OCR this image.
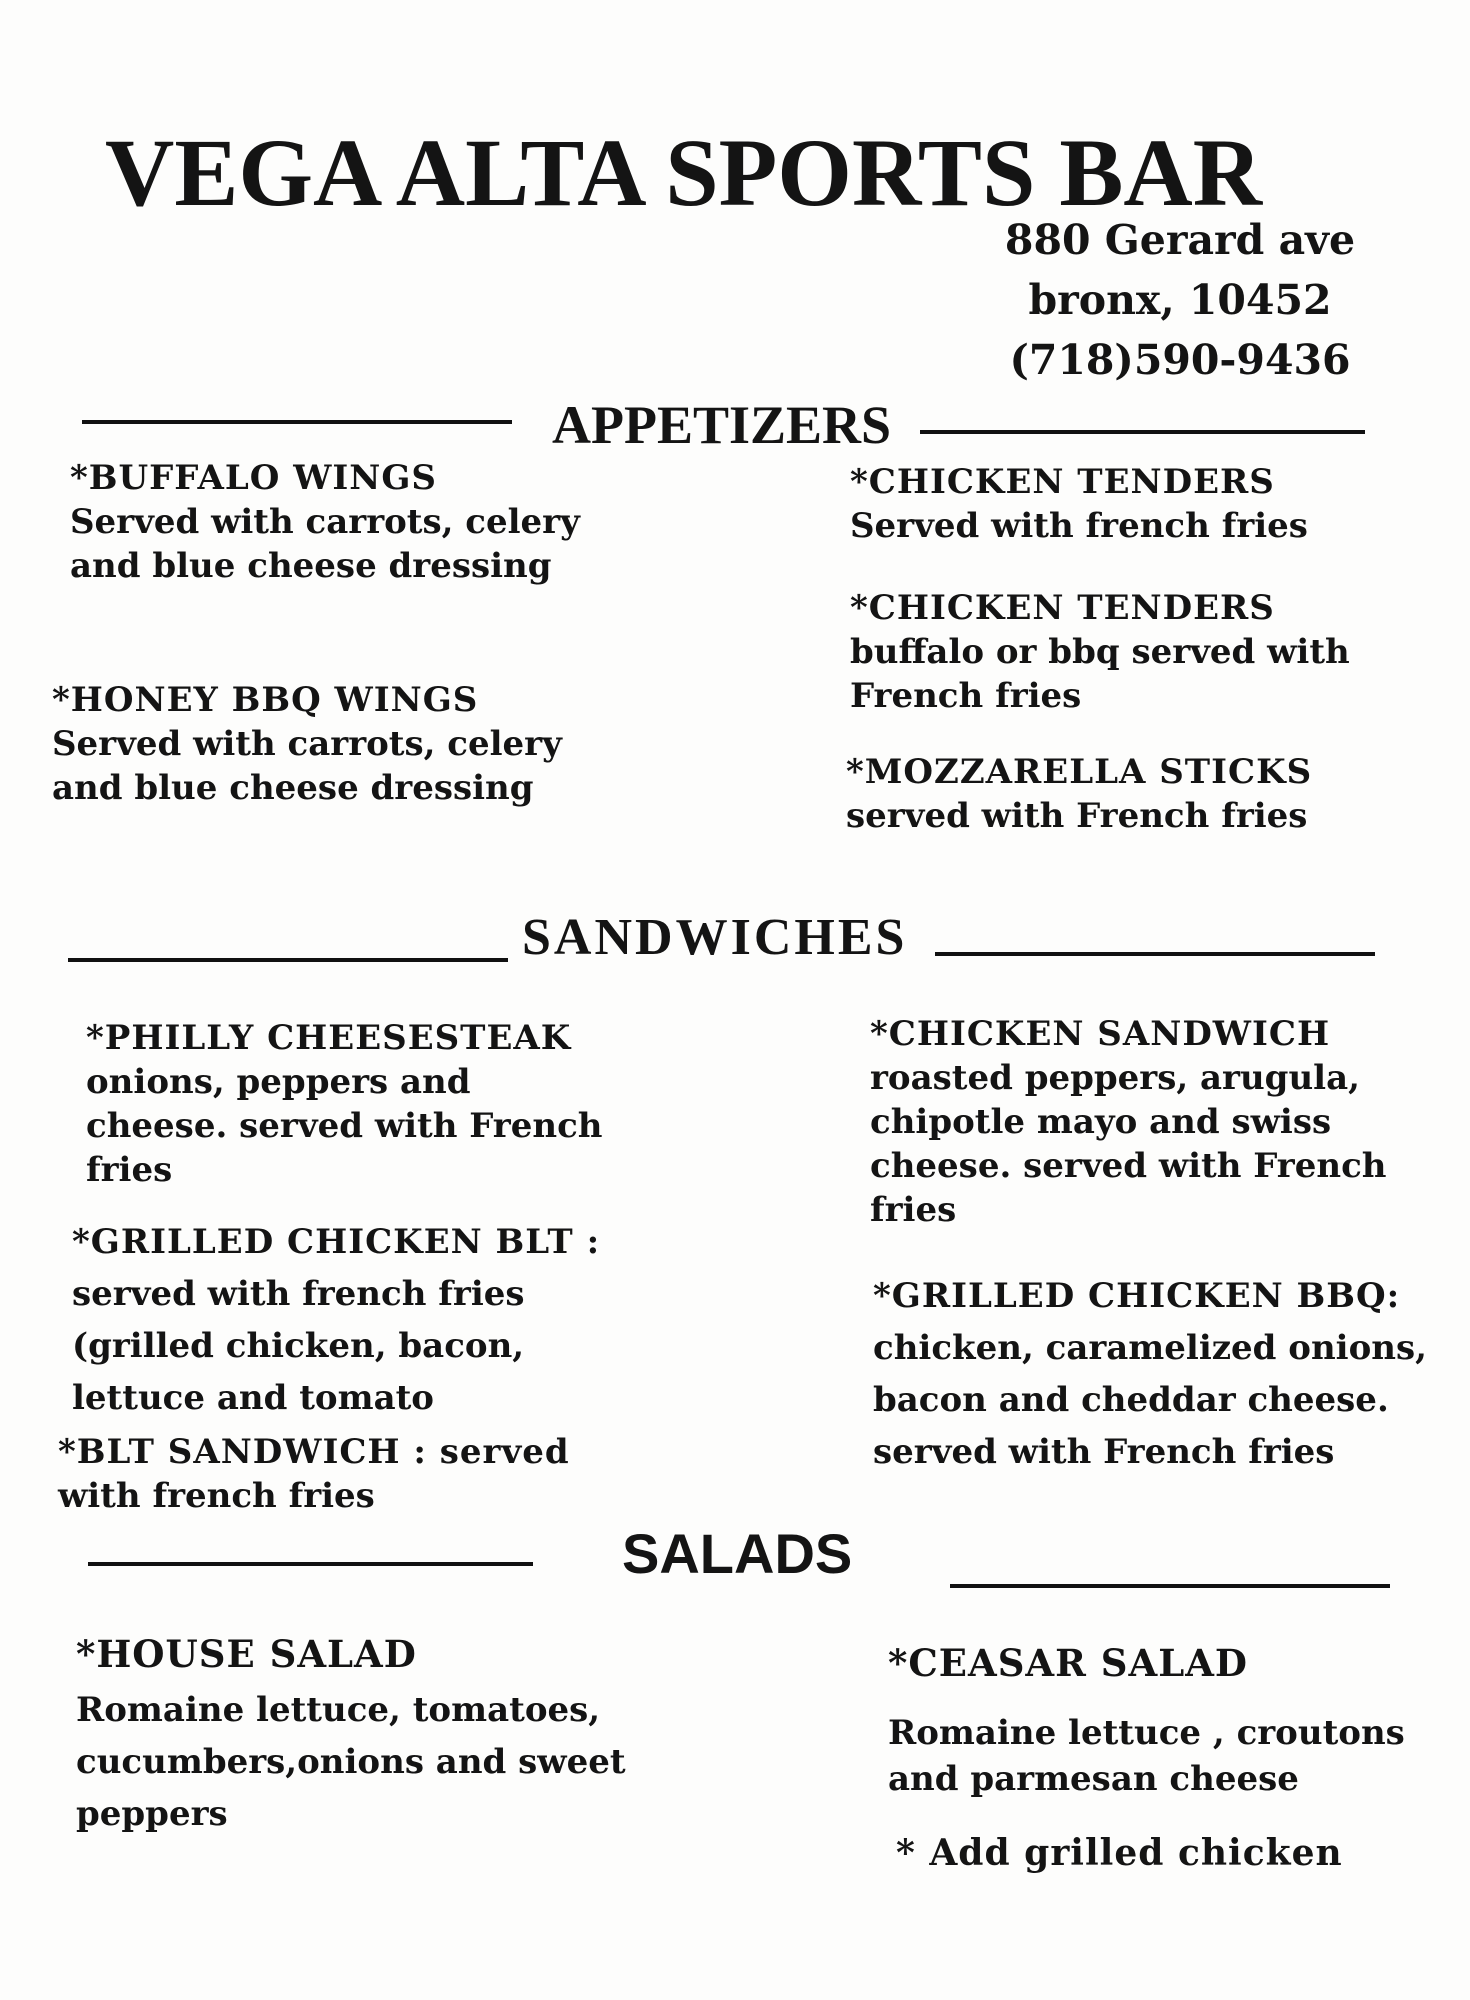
VEGA ALTA SPORTS BAR
880 Gerard ave
bronx, 10452
(718)590-9436
APPETIZERS
*BUFFALO WINGS
Served with carrots, celery
and blue cheese dressing
*HONEY BBQ WINGS
Served with carrots, celery
and blue cheese dressing
*CHICKEN TENDERS
Served with french fries
*CHICKEN TENDERS
buffalo or bbq served with
French fries
*MOZZARELLA STICKS
served with French fries
SANDWICHES
*PHILLY CHEESESTEAK
onions, peppers and
cheese. served with French
fries
*GRILLED CHICKEN BLT :
served with french fries
(grilled chicken, bacon,
lettuce and tomato
*BLT SANDWICH : served
with french fries
*CHICKEN SANDWICH
roasted peppers, arugula,
chipotle mayo and swiss
cheese. served with French
fries
*GRILLED CHICKEN BBQ:
chicken, caramelized onions,
bacon and cheddar cheese.
served with French fries
SALADS
*HOUSE SALAD
Romaine lettuce, tomatoes,
cucumbers,onions and sweet
peppers
*CEASAR SALAD
Romaine lettuce , croutons
and parmesan cheese
* Add grilled chicken
